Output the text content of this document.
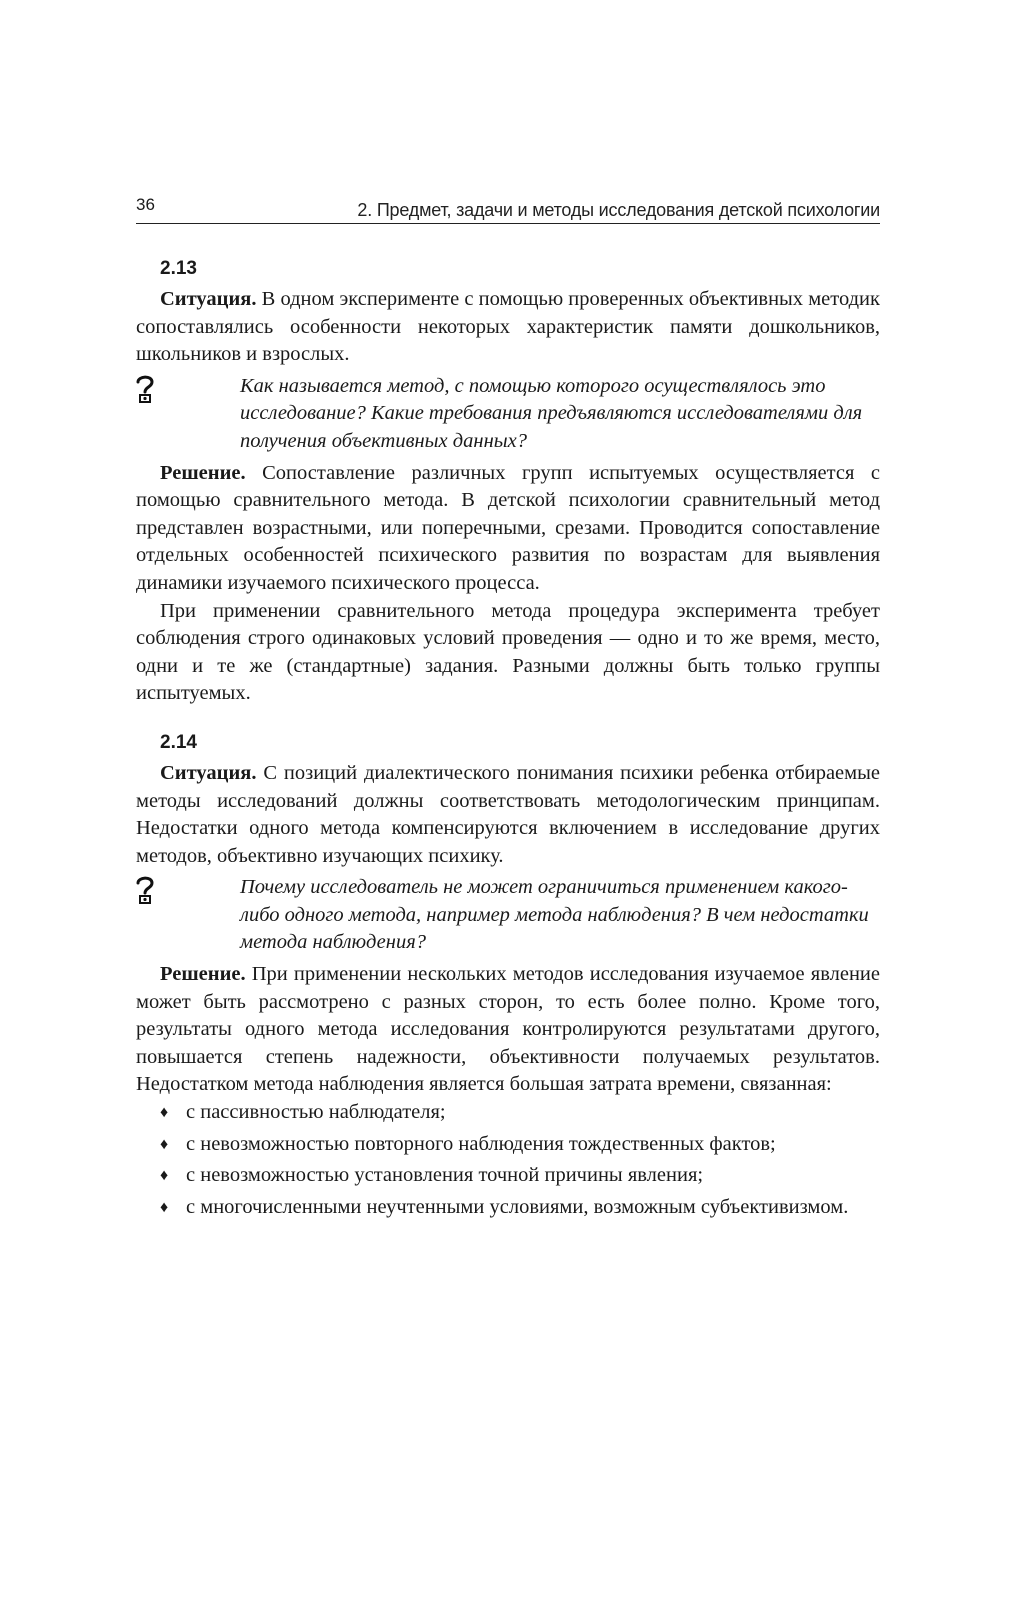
36	2. Предмет, задачи и методы исследования детской психологии
2.13

Ситуация. В одном эксперименте с помощью проверенных объективных методик сопоставлялись особенности некоторых характеристик памяти дошкольников, школьников и взрослых.

Как называется метод, с помощью которого осуществлялось это исследование? Какие требования предъявляются исследователями для получения объективных данных?

Решение. Сопоставление различных групп испытуемых осуществляется с помощью сравнительного метода. В детской психологии сравнительный метод представлен возрастными, или поперечными, срезами. Проводится сопоставление отдельных особенностей психического развития по возрастам для выявления динамики изучаемого психического процесса.

При применении сравнительного метода процедура эксперимента требует соблюдения строго одинаковых условий проведения — одно и то же время, место, одни и те же (стандартные) задания. Разными должны быть только группы испытуемых.

2.14

Ситуация. С позиций диалектического понимания психики ребенка отбираемые методы исследований должны соответствовать методологическим принципам. Недостатки одного метода компенсируются включением в исследование других методов, объективно изучающих психику.

Почему исследователь не может ограничиться применением какого-либо одного метода, например метода наблюдения? В чем недостатки метода наблюдения?

Решение. При применении нескольких методов исследования изучаемое явление может быть рассмотрено с разных сторон, то есть более полно. Кроме того, результаты одного метода исследования контролируются результатами другого, повышается степень надежности, объективности получаемых результатов. Недостатком метода наблюдения является большая затрата времени, связанная:

♦ с пассивностью наблюдателя;
♦ с невозможностью повторного наблюдения тождественных фактов;
♦ с невозможностью установления точной причины явления;
♦ с многочисленными неучтенными условиями, возможным субъективизмом.
